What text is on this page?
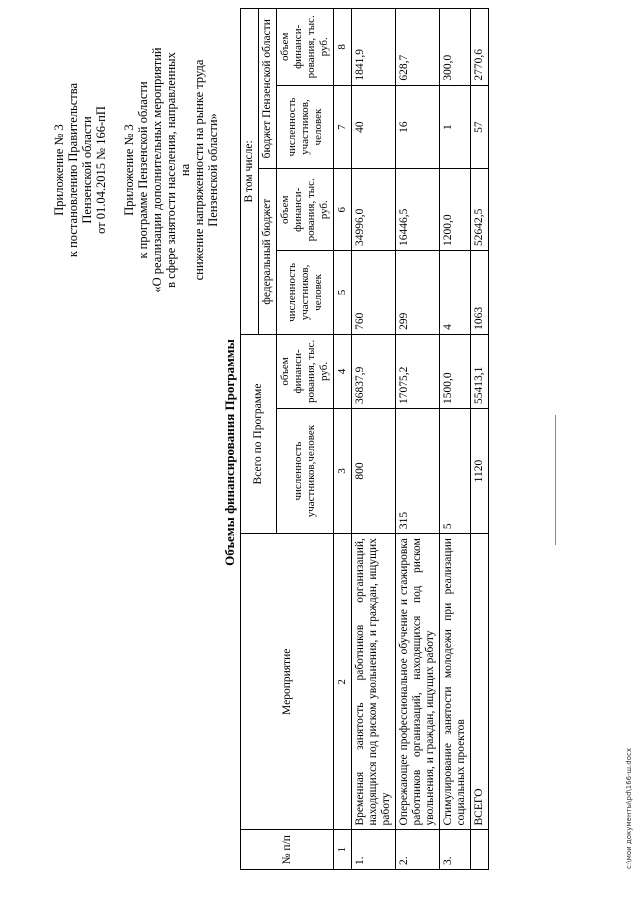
Приложение № 3 к постановлению Правительства Пензенской области от 01.04.2015 № 166-пП Приложение № 3 к программе Пензенской области «О реализации дополнительных мероприятий в сфере занятости населения, направленных на снижение напряженности на рынке труда Пензенской области»
Объемы финансирования Программы
№ п/п	Мероприятие	Всего по Программе		В том числе:			
				федеральный бюджет		бюджет Пензенской области	
		численность участников,человек	объем финанси-рования, тыс. руб.	численность участников, человек	объем финанси-рования, тыс. руб.	численность участников, человек	объем финанси-рования, тыс. руб.
1	2	3	4	5	6	7	8
1.	Временная занятость работников организаций, находящихся под риском увольнения, и граждан, ищущих работу	800	36837,9	760	34996,0	40	1841,9
2.	Опережающее профессиональное обучение и стажировка работников организаций, находящихся под риском увольнения, и граждан, ищущих работу	315	17075,2	299	16446,5	16	628,7
3.	Стимулирование занятости молодежи при реализации социальных проектов	5	1500,0	4	1200,0	1	300,0
	ВСЕГО	1120	55413,1	1063	52642,5	57	2770,6
c:\мои документы\pd\166-ш.docx
